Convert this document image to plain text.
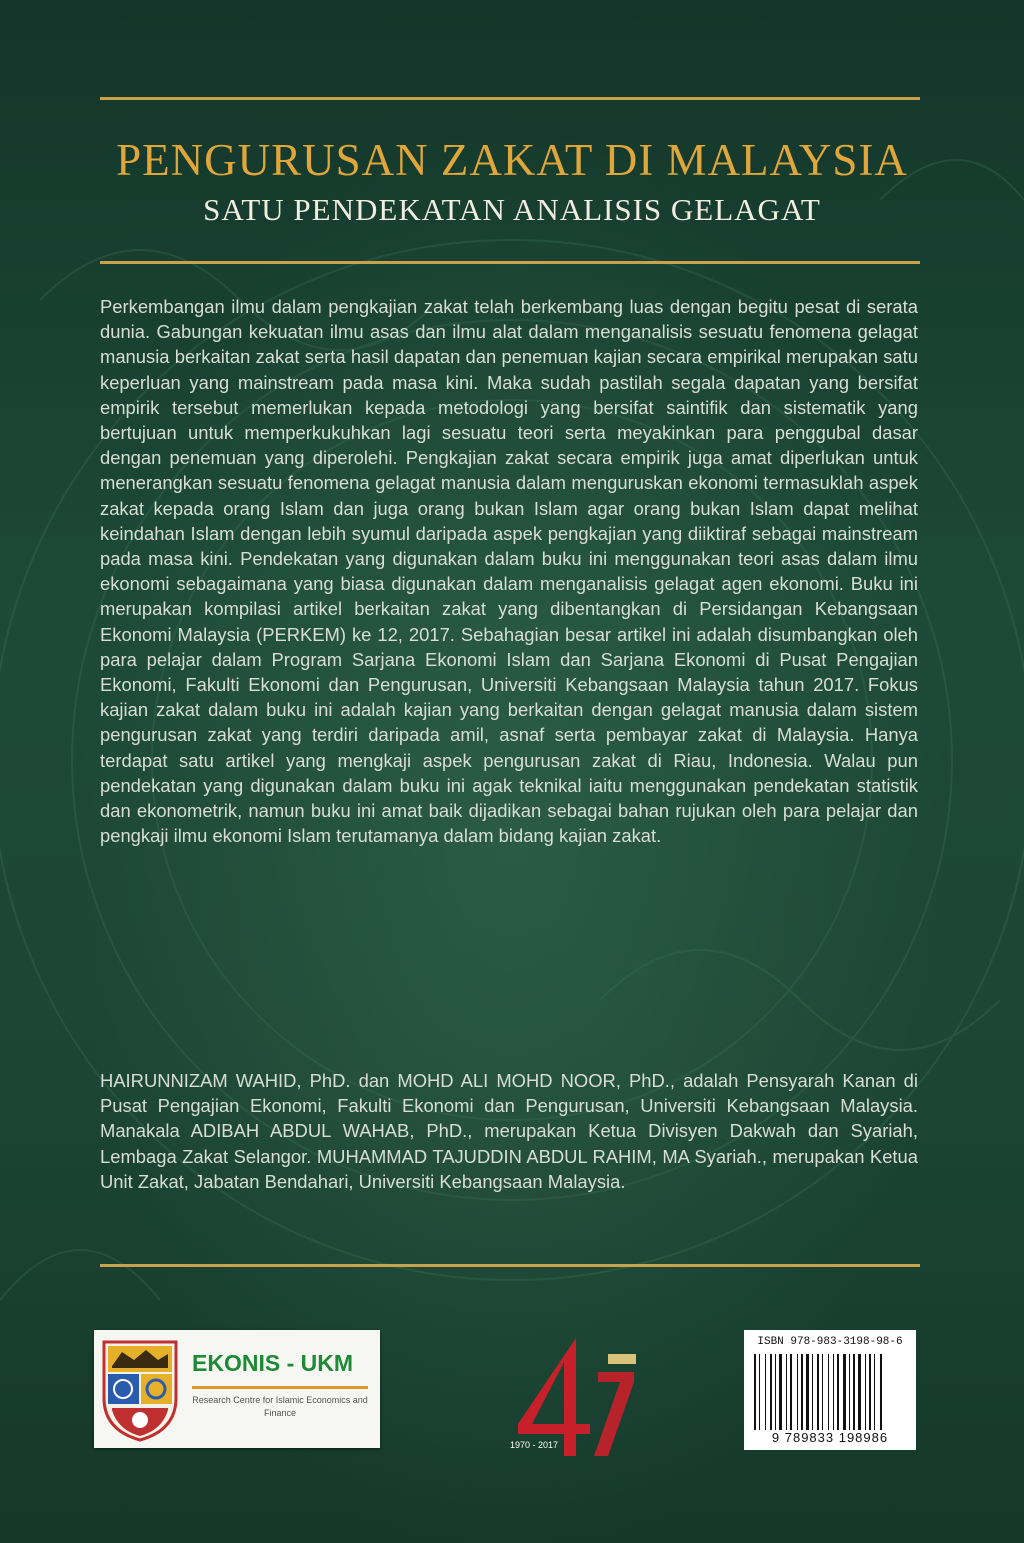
PENGURUSAN ZAKAT DI MALAYSIA
SATU PENDEKATAN ANALISIS GELAGAT

Perkembangan ilmu dalam pengkajian zakat telah berkembang luas dengan begitu pesat di serata dunia. Gabungan kekuatan ilmu asas dan ilmu alat dalam menganalisis sesuatu fenomena gelagat manusia berkaitan zakat serta hasil dapatan dan penemuan kajian secara empirikal merupakan satu keperluan yang mainstream pada masa kini. Maka sudah pastilah segala dapatan yang bersifat empirik tersebut memerlukan kepada metodologi yang bersifat saintifik dan sistematik yang bertujuan untuk memperkukuhkan lagi sesuatu teori serta meyakinkan para penggubal dasar dengan penemuan yang diperolehi. Pengkajian zakat secara empirik juga amat diperlukan untuk menerangkan sesuatu fenomena gelagat manusia dalam menguruskan ekonomi termasuklah aspek zakat kepada orang Islam dan juga orang bukan Islam agar orang bukan Islam dapat melihat keindahan Islam dengan lebih syumul daripada aspek pengkajian yang diiktiraf sebagai mainstream pada masa kini. Pendekatan yang digunakan dalam buku ini menggunakan teori asas dalam ilmu ekonomi sebagaimana yang biasa digunakan dalam menganalisis gelagat agen ekonomi. Buku ini merupakan kompilasi artikel berkaitan zakat yang dibentangkan di Persidangan Kebangsaan Ekonomi Malaysia (PERKEM) ke 12, 2017. Sebahagian besar artikel ini adalah disumbangkan oleh para pelajar dalam Program Sarjana Ekonomi Islam dan Sarjana Ekonomi di Pusat Pengajian Ekonomi, Fakulti Ekonomi dan Pengurusan, Universiti Kebangsaan Malaysia tahun 2017. Fokus kajian zakat dalam buku ini adalah kajian yang berkaitan dengan gelagat manusia dalam sistem pengurusan zakat yang terdiri daripada amil, asnaf serta pembayar zakat di Malaysia. Hanya terdapat satu artikel yang mengkaji aspek pengurusan zakat di Riau, Indonesia. Walau pun pendekatan yang digunakan dalam buku ini agak teknikal iaitu menggunakan pendekatan statistik dan ekonometrik, namun buku ini amat baik dijadikan sebagai bahan rujukan oleh para pelajar dan pengkaji ilmu ekonomi Islam terutamanya dalam bidang kajian zakat.

HAIRUNNIZAM WAHID, PhD. dan MOHD ALI MOHD NOOR, PhD., adalah Pensyarah Kanan di Pusat Pengajian Ekonomi, Fakulti Ekonomi dan Pengurusan, Universiti Kebangsaan Malaysia. Manakala ADIBAH ABDUL WAHAB, PhD., merupakan Ketua Divisyen Dakwah dan Syariah, Lembaga Zakat Selangor. MUHAMMAD TAJUDDIN ABDUL RAHIM, MA Syariah., merupakan Ketua Unit Zakat, Jabatan Bendahari, Universiti Kebangsaan Malaysia.

EKONIS - UKM

Research Centre for Islamic Economics and Finance

1970 - 2017
ISBN 978-983-3198-98-6
9 789833 198986
